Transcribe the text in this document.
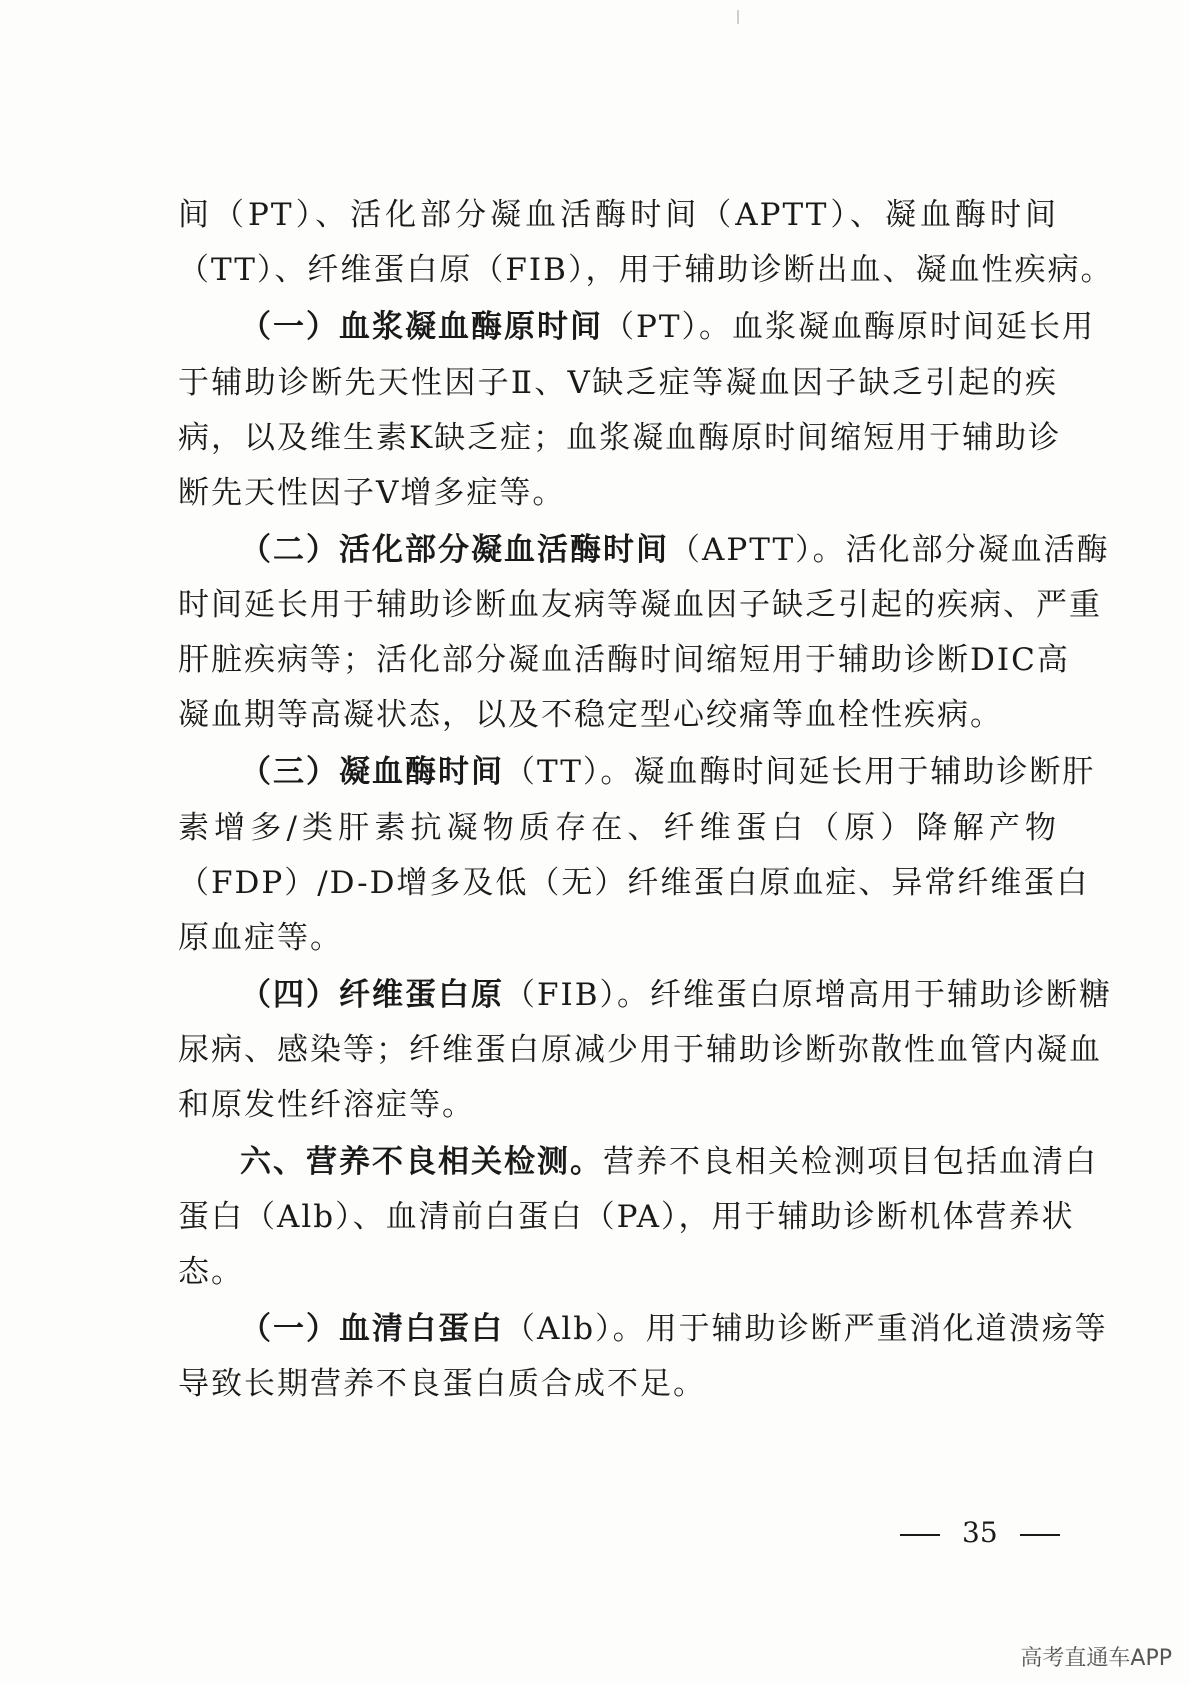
间（PT）、活化部分凝血活酶时间（APTT）、凝血酶时间
（TT）、纤维蛋白原（FIB），用于辅助诊断出血、凝血性疾病。
（一）血浆凝血酶原时间（PT）。血浆凝血酶原时间延长用
于辅助诊断先天性因子Ⅱ、Ⅴ缺乏症等凝血因子缺乏引起的疾
病，以及维生素K缺乏症；血浆凝血酶原时间缩短用于辅助诊
断先天性因子Ⅴ增多症等。
（二）活化部分凝血活酶时间（APTT）。活化部分凝血活酶
时间延长用于辅助诊断血友病等凝血因子缺乏引起的疾病、严重
肝脏疾病等；活化部分凝血活酶时间缩短用于辅助诊断DIC高
凝血期等高凝状态，以及不稳定型心绞痛等血栓性疾病。
（三）凝血酶时间（TT）。凝血酶时间延长用于辅助诊断肝
素增多/类肝素抗凝物质存在、纤维蛋白（原）降解产物
（FDP）/D-D增多及低（无）纤维蛋白原血症、异常纤维蛋白
原血症等。
（四）纤维蛋白原（FIB）。纤维蛋白原增高用于辅助诊断糖
尿病、感染等；纤维蛋白原减少用于辅助诊断弥散性血管内凝血
和原发性纤溶症等。
六、营养不良相关检测。营养不良相关检测项目包括血清白
蛋白（Alb）、血清前白蛋白（PA），用于辅助诊断机体营养状
态。
（一）血清白蛋白（Alb）。用于辅助诊断严重消化道溃疡等
导致长期营养不良蛋白质合成不足。
35
高考直通车APP
